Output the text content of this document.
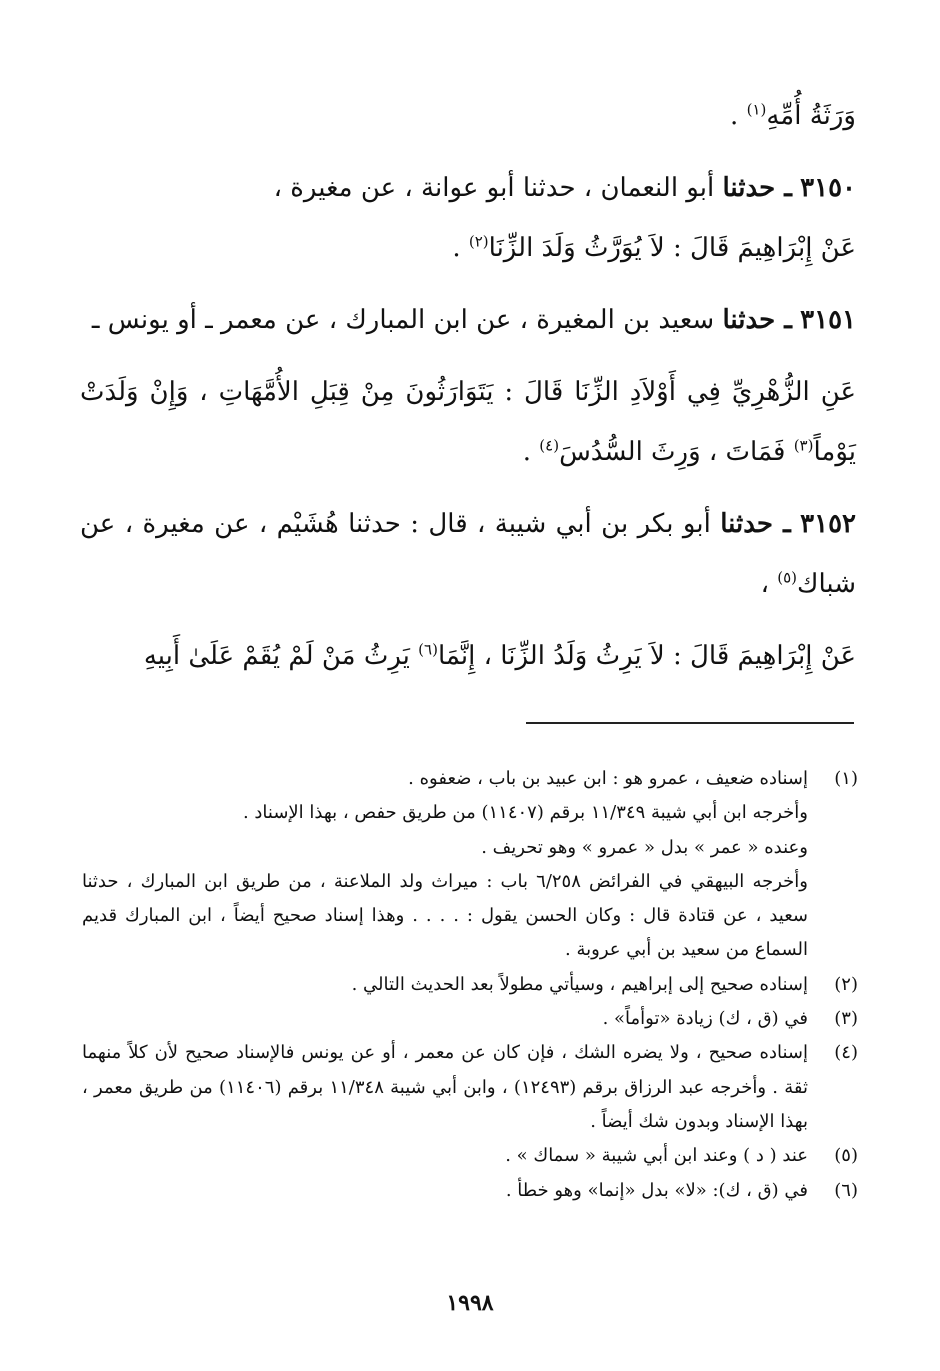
وَرَثَةُ أُمِّهِ$^{(١)}$ .

٣١٥٠ ـ حدثنا أبو النعمان ، حدثنا أبو عوانة ، عن مغيرة ،

عَنْ إِبْرَاهِيمَ قَالَ : لاَ يُوَرَّثُ وَلَدَ الزِّنَا$^{(٢)}$ .

٣١٥١ ـ حدثنا سعيد بن المغيرة ، عن ابن المبارك ، عن معمر ـ أو يونس ـ

عَنِ الزُّهْرِيِّ فِي أَوْلاَدِ الزِّنَا قَالَ : يَتَوَارَثُونَ مِنْ قِبَلِ الأُمَّهَاتِ ، وَإِنْ وَلَدَتْ يَوْماً$^{(٣)}$ فَمَاتَ ، وَرِثَ السُّدُسَ$^{(٤)}$ .

٣١٥٢ ـ حدثنا أبو بكر بن أبي شيبة ، قال : حدثنا هُشَيْم ، عن مغيرة ، عن شباك$^{(٥)}$ ،

عَنْ إِبْرَاهِيمَ قَالَ : لاَ يَرِثُ وَلَدُ الزِّنَا ، إِنَّمَا$^{(٦)}$ يَرِثُ مَنْ لَمْ يُقَمْ عَلَىٰ أَبِيهِ

(١)

إسناده ضعيف ، عمرو هو : ابن عبيد بن باب ، ضعفوه .

وأخرجه ابن أبي شيبة ١١/٣٤٩ برقم (١١٤٠٧) من طريق حفص ، بهذا الإسناد .

وعنده « عمر » بدل « عمرو » وهو تحريف .

وأخرجه البيهقي في الفرائض ٦/٢٥٨ باب : ميراث ولد الملاعنة ، من طريق ابن المبارك ، حدثنا سعيد ، عن قتادة قال : وكان الحسن يقول : . . . . وهذا إسناد صحيح أيضاً ، ابن المبارك قديم السماع من سعيد بن أبي عروبة .

(٢)

إسناده صحيح إلى إبراهيم ، وسيأتي مطولاً بعد الحديث التالي .

(٣)

في (ق ، ك) زيادة «توأماً» .

(٤)

إسناده صحيح ، ولا يضره الشك ، فإن كان عن معمر ، أو عن يونس فالإسناد صحيح لأن كلاً منهما ثقة . وأخرجه عبد الرزاق برقم (١٢٤٩٣) ، وابن أبي شيبة ١١/٣٤٨ برقم (١١٤٠٦) من طريق معمر ، بهذا الإسناد وبدون شك أيضاً .

(٥)

عند ( د ) وعند ابن أبي شيبة « سماك » .

(٦)

في (ق ، ك): «لا» بدل «إنما» وهو خطأ .

١٩٩٨
